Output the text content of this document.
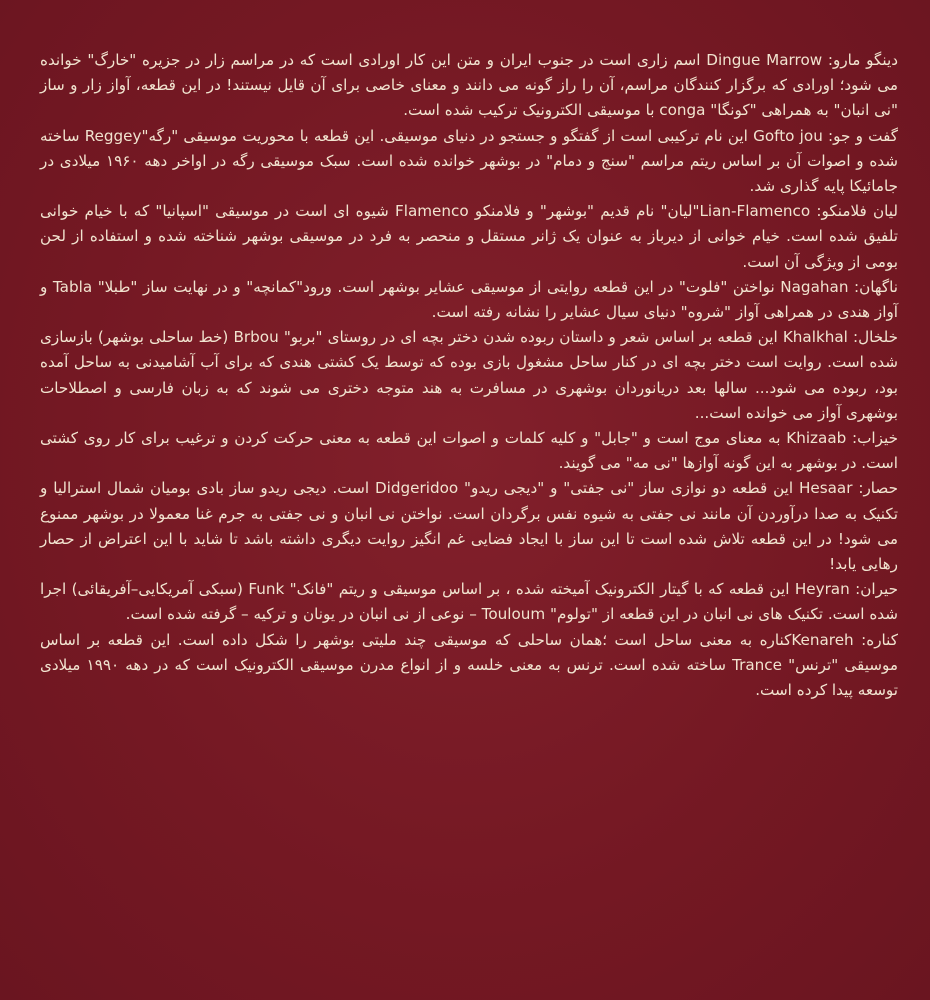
دینگو مارو: Dingue Marrow اسم زاری است در جنوب ایران و متن این کار اورادی است که در مراسم زار در جزیره "خارگ" خوانده می شود؛ اورادی که برگزار کنندگان مراسم، آن را راز گونه می دانند و معنای خاصی برای آن قایل نیستند! در این قطعه، آواز زار و ساز "نی انبان" به همراهی "کونگا" conga با موسیقی الکترونیک ترکیب شده است.

گفت و جو: Gofto jou این نام ترکیبی است از گفتگو و جستجو در دنیای موسیقی. این قطعه با محوریت موسیقی "رگه"Reggey ساخته شده و اصوات آن بر اساس ریتم مراسم "سنج و دمام" در بوشهر خوانده شده است. سبک موسیقی رگه در اواخر دهه ۱۹۶۰ میلادی در جامائیکا پایه گذاری شد.

لیان فلامنکو: Lian-Flamenco"لیان" نام قدیم "بوشهر" و فلامنکو Flamenco شیوه ای است در موسیقی "اسپانیا" که با خیام خوانی تلفیق شده است. خیام خوانی از دیرباز به عنوان یک ژانر مستقل و منحصر به فرد در موسیقی بوشهر شناخته شده و استفاده از لحن بومی از ویژگی آن است.

ناگهان: Nagahan نواختن "فلوت" در این قطعه روایتی از موسیقی عشایر بوشهر است. ورود"کمانچه" و در نهایت ساز "طبلا" Tabla و آواز هندی در همراهی آواز "شروه" دنیای سیال عشایر را نشانه رفته است.

خلخال: Khalkhal این قطعه بر اساس شعر و داستان ربوده شدن دختر بچه ای در روستای "بربو" Brbou (خط ساحلی بوشهر) بازسازی شده است. روایت است دختر بچه ای در کنار ساحل مشغول بازی بوده که توسط یک کشتی هندی که برای آب آشامیدنی به ساحل آمده بود، ربوده می شود... سالها بعد دریانوردان بوشهری در مسافرت به هند متوجه دختری می شوند که به زبان فارسی و اصطلاحات بوشهری آواز می خوانده است...

خیزاب: Khizaab به معنای موج است و "جابل" و کلیه کلمات و اصوات این قطعه به معنی حرکت کردن و ترغیب برای کار روی کشتی است. در بوشهر به این گونه آوازها "نی مه" می گویند.

حصار: Hesaar این قطعه دو نوازی ساز "نی جفتی" و "دیجی ریدو" Didgeridoo است. دیجی ریدو ساز بادی بومیان شمال استرالیا و تکنیک به صدا درآوردن آن مانند نی جفتی به شیوه نفس برگردان است. نواختن نی انبان و نی جفتی به جرم غنا معمولا در بوشهر ممنوع می شود! در این قطعه تلاش شده است تا این ساز با ایجاد فضایی غم انگیز روایت دیگری داشته باشد تا شاید با این اعتراض از حصار رهایی یابد!

حیران: Heyran این قطعه که با گیتار الکترونیک آمیخته شده ، بر اساس موسیقی و ریتم "فانک" Funk (سبکی آمریکایی–آفریقائی) اجرا شده است. تکنیک های نی انبان در این قطعه از "تولوم" Touloum – نوعی از نی انبان در یونان و ترکیه – گرفته شده است.

کناره: Kenarehکناره به معنی ساحل است ؛همان ساحلی که موسیقی چند ملیتی بوشهر را شکل داده است. این قطعه بر اساس موسیقی "ترنس" Trance ساخته شده است. ترنس به معنی خلسه و از انواع مدرن موسیقی الکترونیک است که در دهه ۱۹۹۰ میلادی توسعه پیدا کرده است.
